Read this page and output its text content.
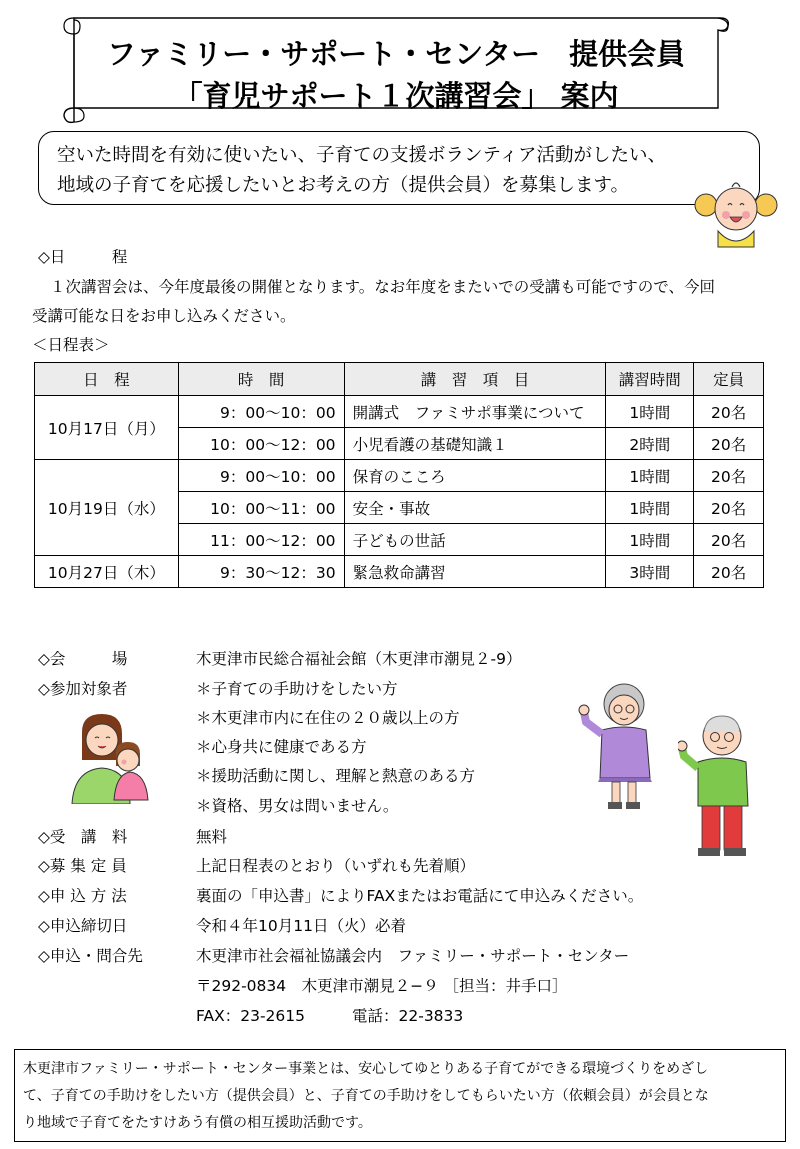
ファミリー・サポート・センター　提供会員
「育児サポート１次講習会」 案内
空いた時間を有効に使いたい、子育ての支援ボランティア活動がしたい、
地域の子育てを応援したいとお考えの方（提供会員）を募集します。
◇日　　　程
１次講習会は、今年度最後の開催となります。なお年度をまたいでの受講も可能ですので、今回
受講可能な日をお申し込みください。
＜日程表＞
日　程	時　間	講　習　項　目	講習時間	定員
10月17日（月）	9：00～10：00	開講式　ファミサポ事業について	1時間	20名
	10：00～12：00	小児看護の基礎知識１	2時間	20名
10月19日（水）	9：00～10：00	保育のこころ	1時間	20名
	10：00～11：00	安全・事故	1時間	20名
	11：00～12：00	子どもの世話	1時間	20名
10月27日（木）	9：30～12：30	緊急救命講習	3時間	20名
◇会　　　場	木更津市民総合福祉会館（木更津市潮見２-9）
◇参加対象者	＊子育ての手助けをしたい方
＊木更津市内に在住の２０歳以上の方
＊心身共に健康である方
＊援助活動に関し、理解と熱意のある方
＊資格、男女は問いません。
◇受　講　料	無料
◇募 集 定 員	上記日程表のとおり（いずれも先着順）
◇申 込 方 法	裏面の「申込書」によりFAXまたはお電話にて申込みください。
◇申込締切日	令和４年10月11日（火）必着
◇申込・問合先	木更津市社会福祉協議会内　ファミリー・サポート・センター
〒292-0834　木更津市潮見２−９ ［担当：井手口］
FAX：23-2615	電話：22-3833
木更津市ファミリー・サポート・センター事業とは、安心してゆとりある子育てができる環境づくりをめざし
て、子育ての手助けをしたい方（提供会員）と、子育ての手助けをしてもらいたい方（依頼会員）が会員とな
り地域で子育てをたすけあう有償の相互援助活動です。
